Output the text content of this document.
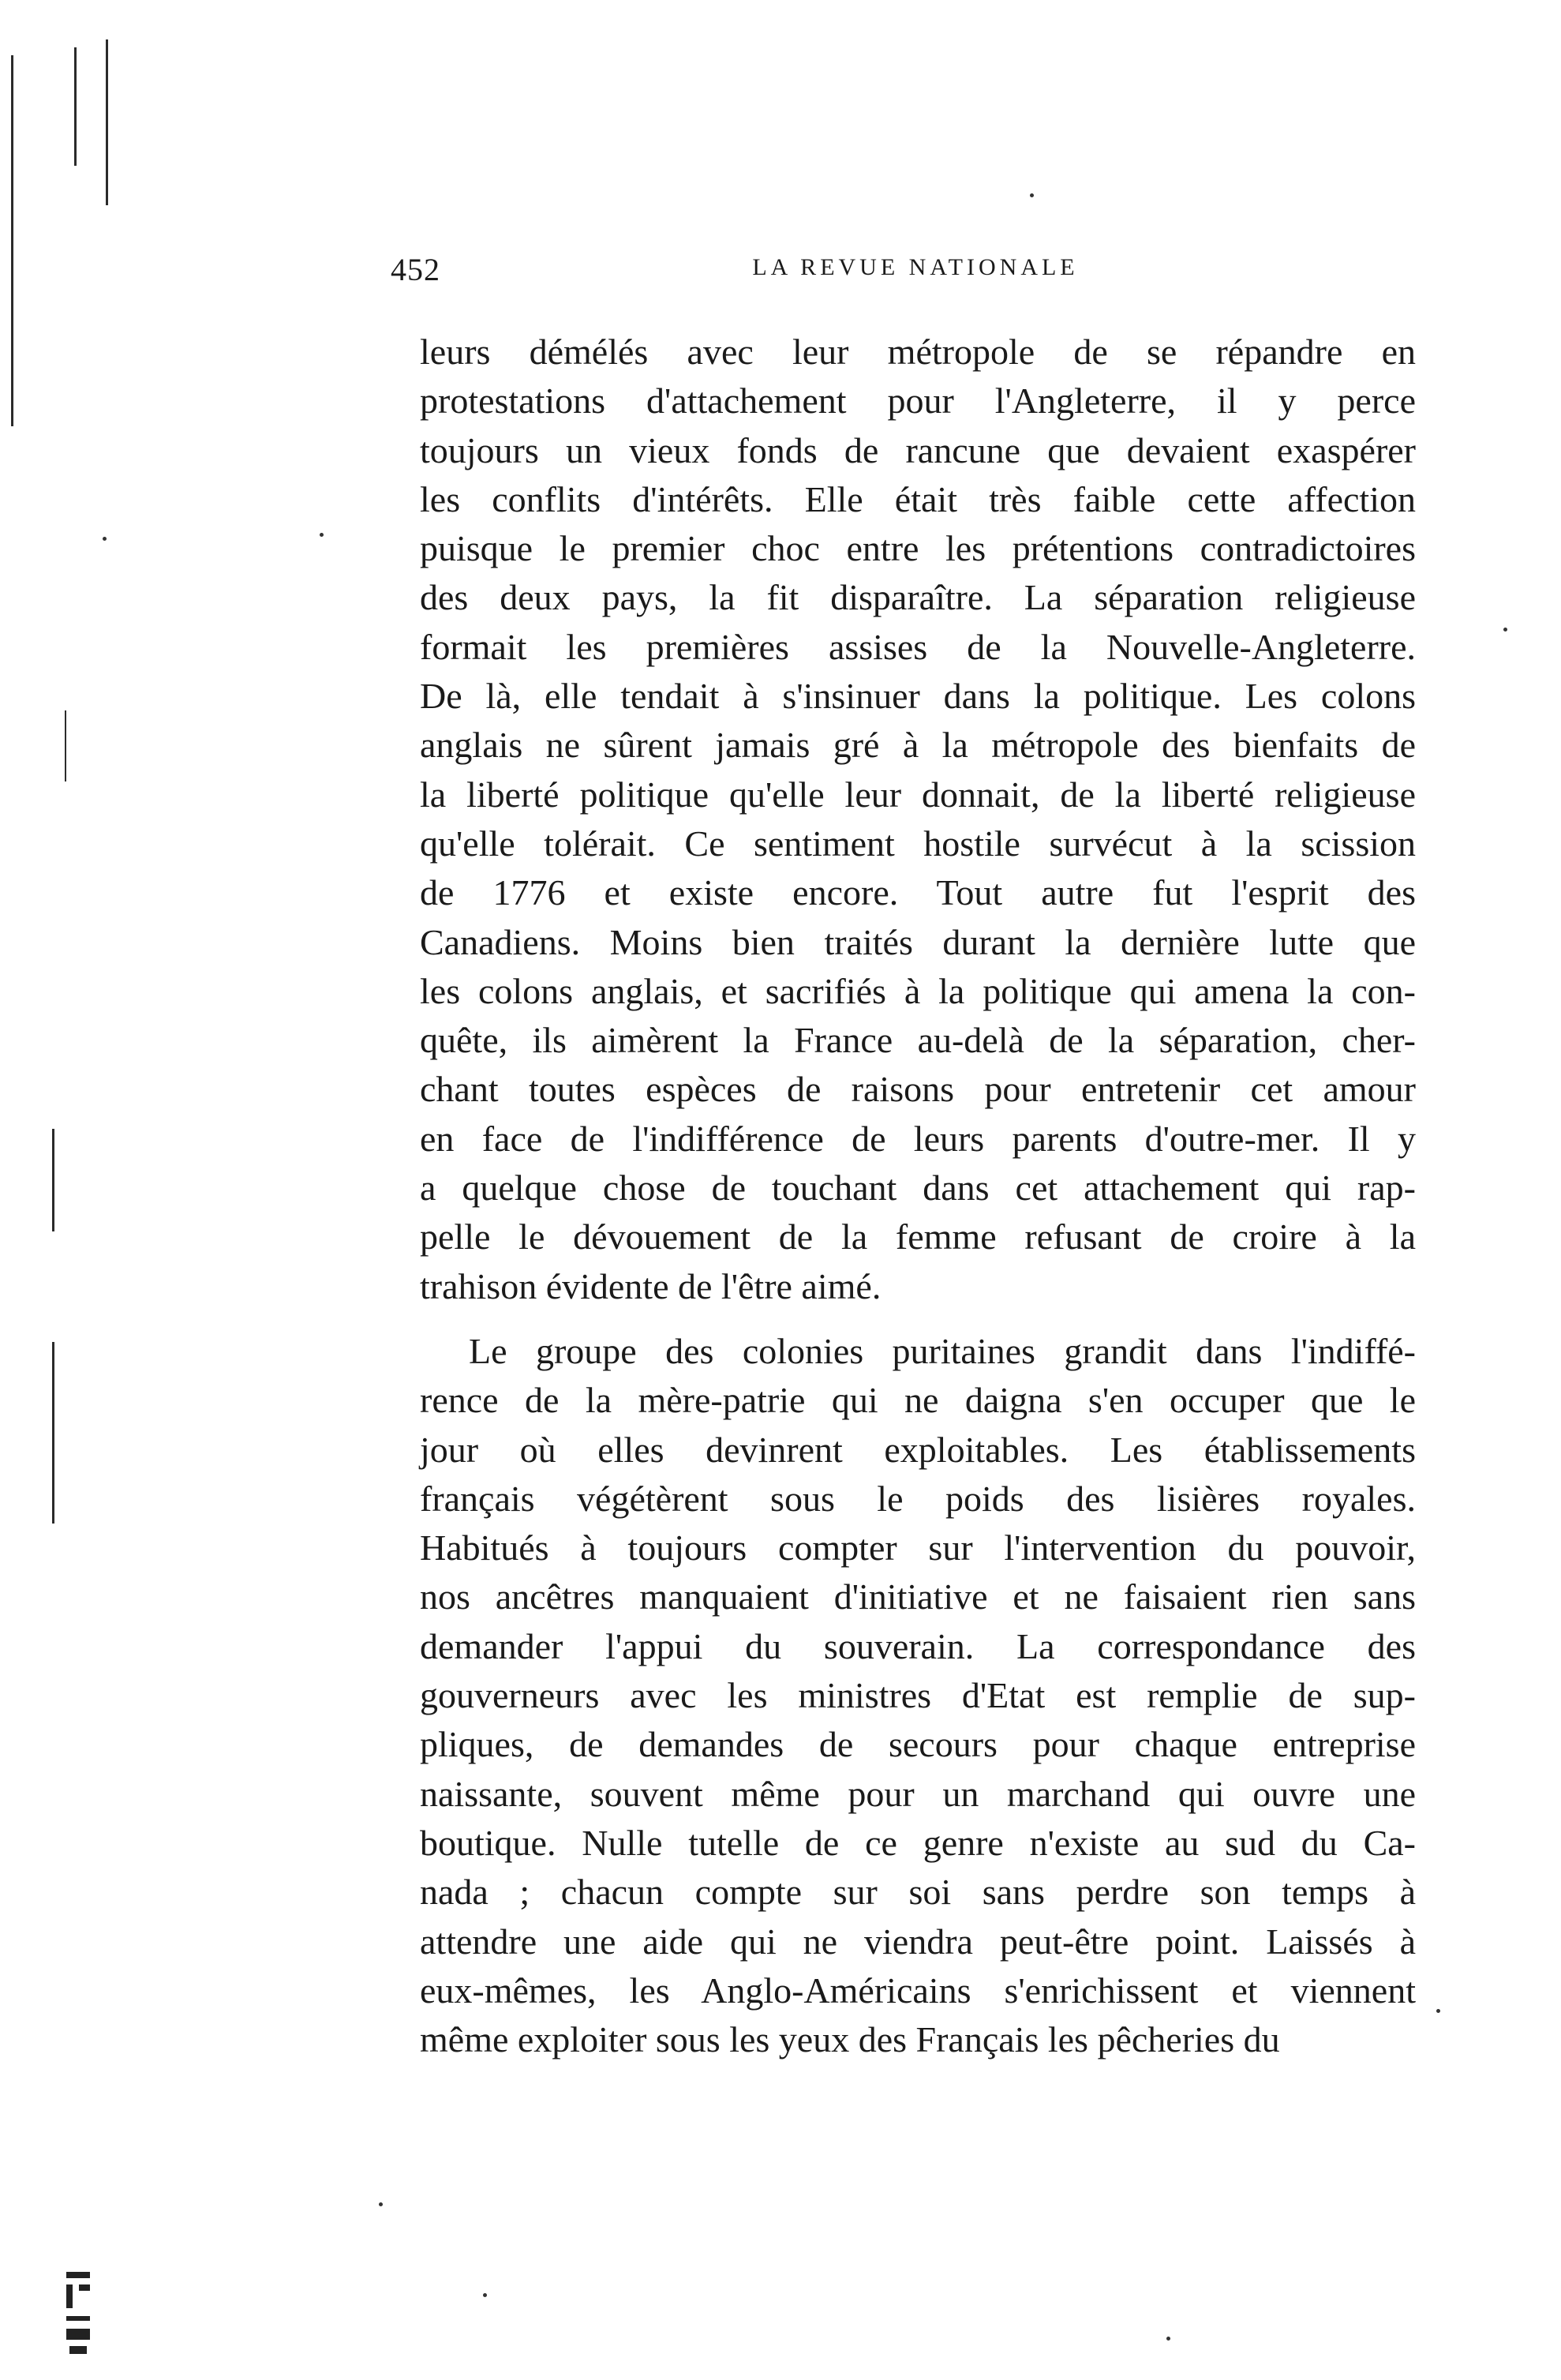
452	LA REVUE NATIONALE
leurs démélés avec leur métropole de se répandre en
protestations d'attachement pour l'Angleterre, il y perce
toujours un vieux fonds de rancune que devaient exaspérer
les conflits d'intérêts. Elle était très faible cette affection
puisque le premier choc entre les prétentions contradictoires
des deux pays, la fit disparaître. La séparation religieuse
formait les premières assises de la Nouvelle-Angleterre.
De là, elle tendait à s'insinuer dans la politique. Les colons
anglais ne sûrent jamais gré à la métropole des bienfaits de
la liberté politique qu'elle leur donnait, de la liberté religieuse
qu'elle tolérait. Ce sentiment hostile survécut à la scission
de 1776 et existe encore. Tout autre fut l'esprit des
Canadiens. Moins bien traités durant la dernière lutte que
les colons anglais, et sacrifiés à la politique qui amena la con-
quête, ils aimèrent la France au-delà de la séparation, cher-
chant toutes espèces de raisons pour entretenir cet amour
en face de l'indifférence de leurs parents d'outre-mer. Il y
a quelque chose de touchant dans cet attachement qui rap-
pelle le dévouement de la femme refusant de croire à la
trahison évidente de l'être aimé.
Le groupe des colonies puritaines grandit dans l'indiffé-
rence de la mère-patrie qui ne daigna s'en occuper que le
jour où elles devinrent exploitables. Les établissements
français végétèrent sous le poids des lisières royales.
Habitués à toujours compter sur l'intervention du pouvoir,
nos ancêtres manquaient d'initiative et ne faisaient rien sans
demander l'appui du souverain. La correspondance des
gouverneurs avec les ministres d'Etat est remplie de sup-
pliques, de demandes de secours pour chaque entreprise
naissante, souvent même pour un marchand qui ouvre une
boutique. Nulle tutelle de ce genre n'existe au sud du Ca-
nada ; chacun compte sur soi sans perdre son temps à
attendre une aide qui ne viendra peut-être point. Laissés à
eux-mêmes, les Anglo-Américains s'enrichissent et viennent
même exploiter sous les yeux des Français les pêcheries du
